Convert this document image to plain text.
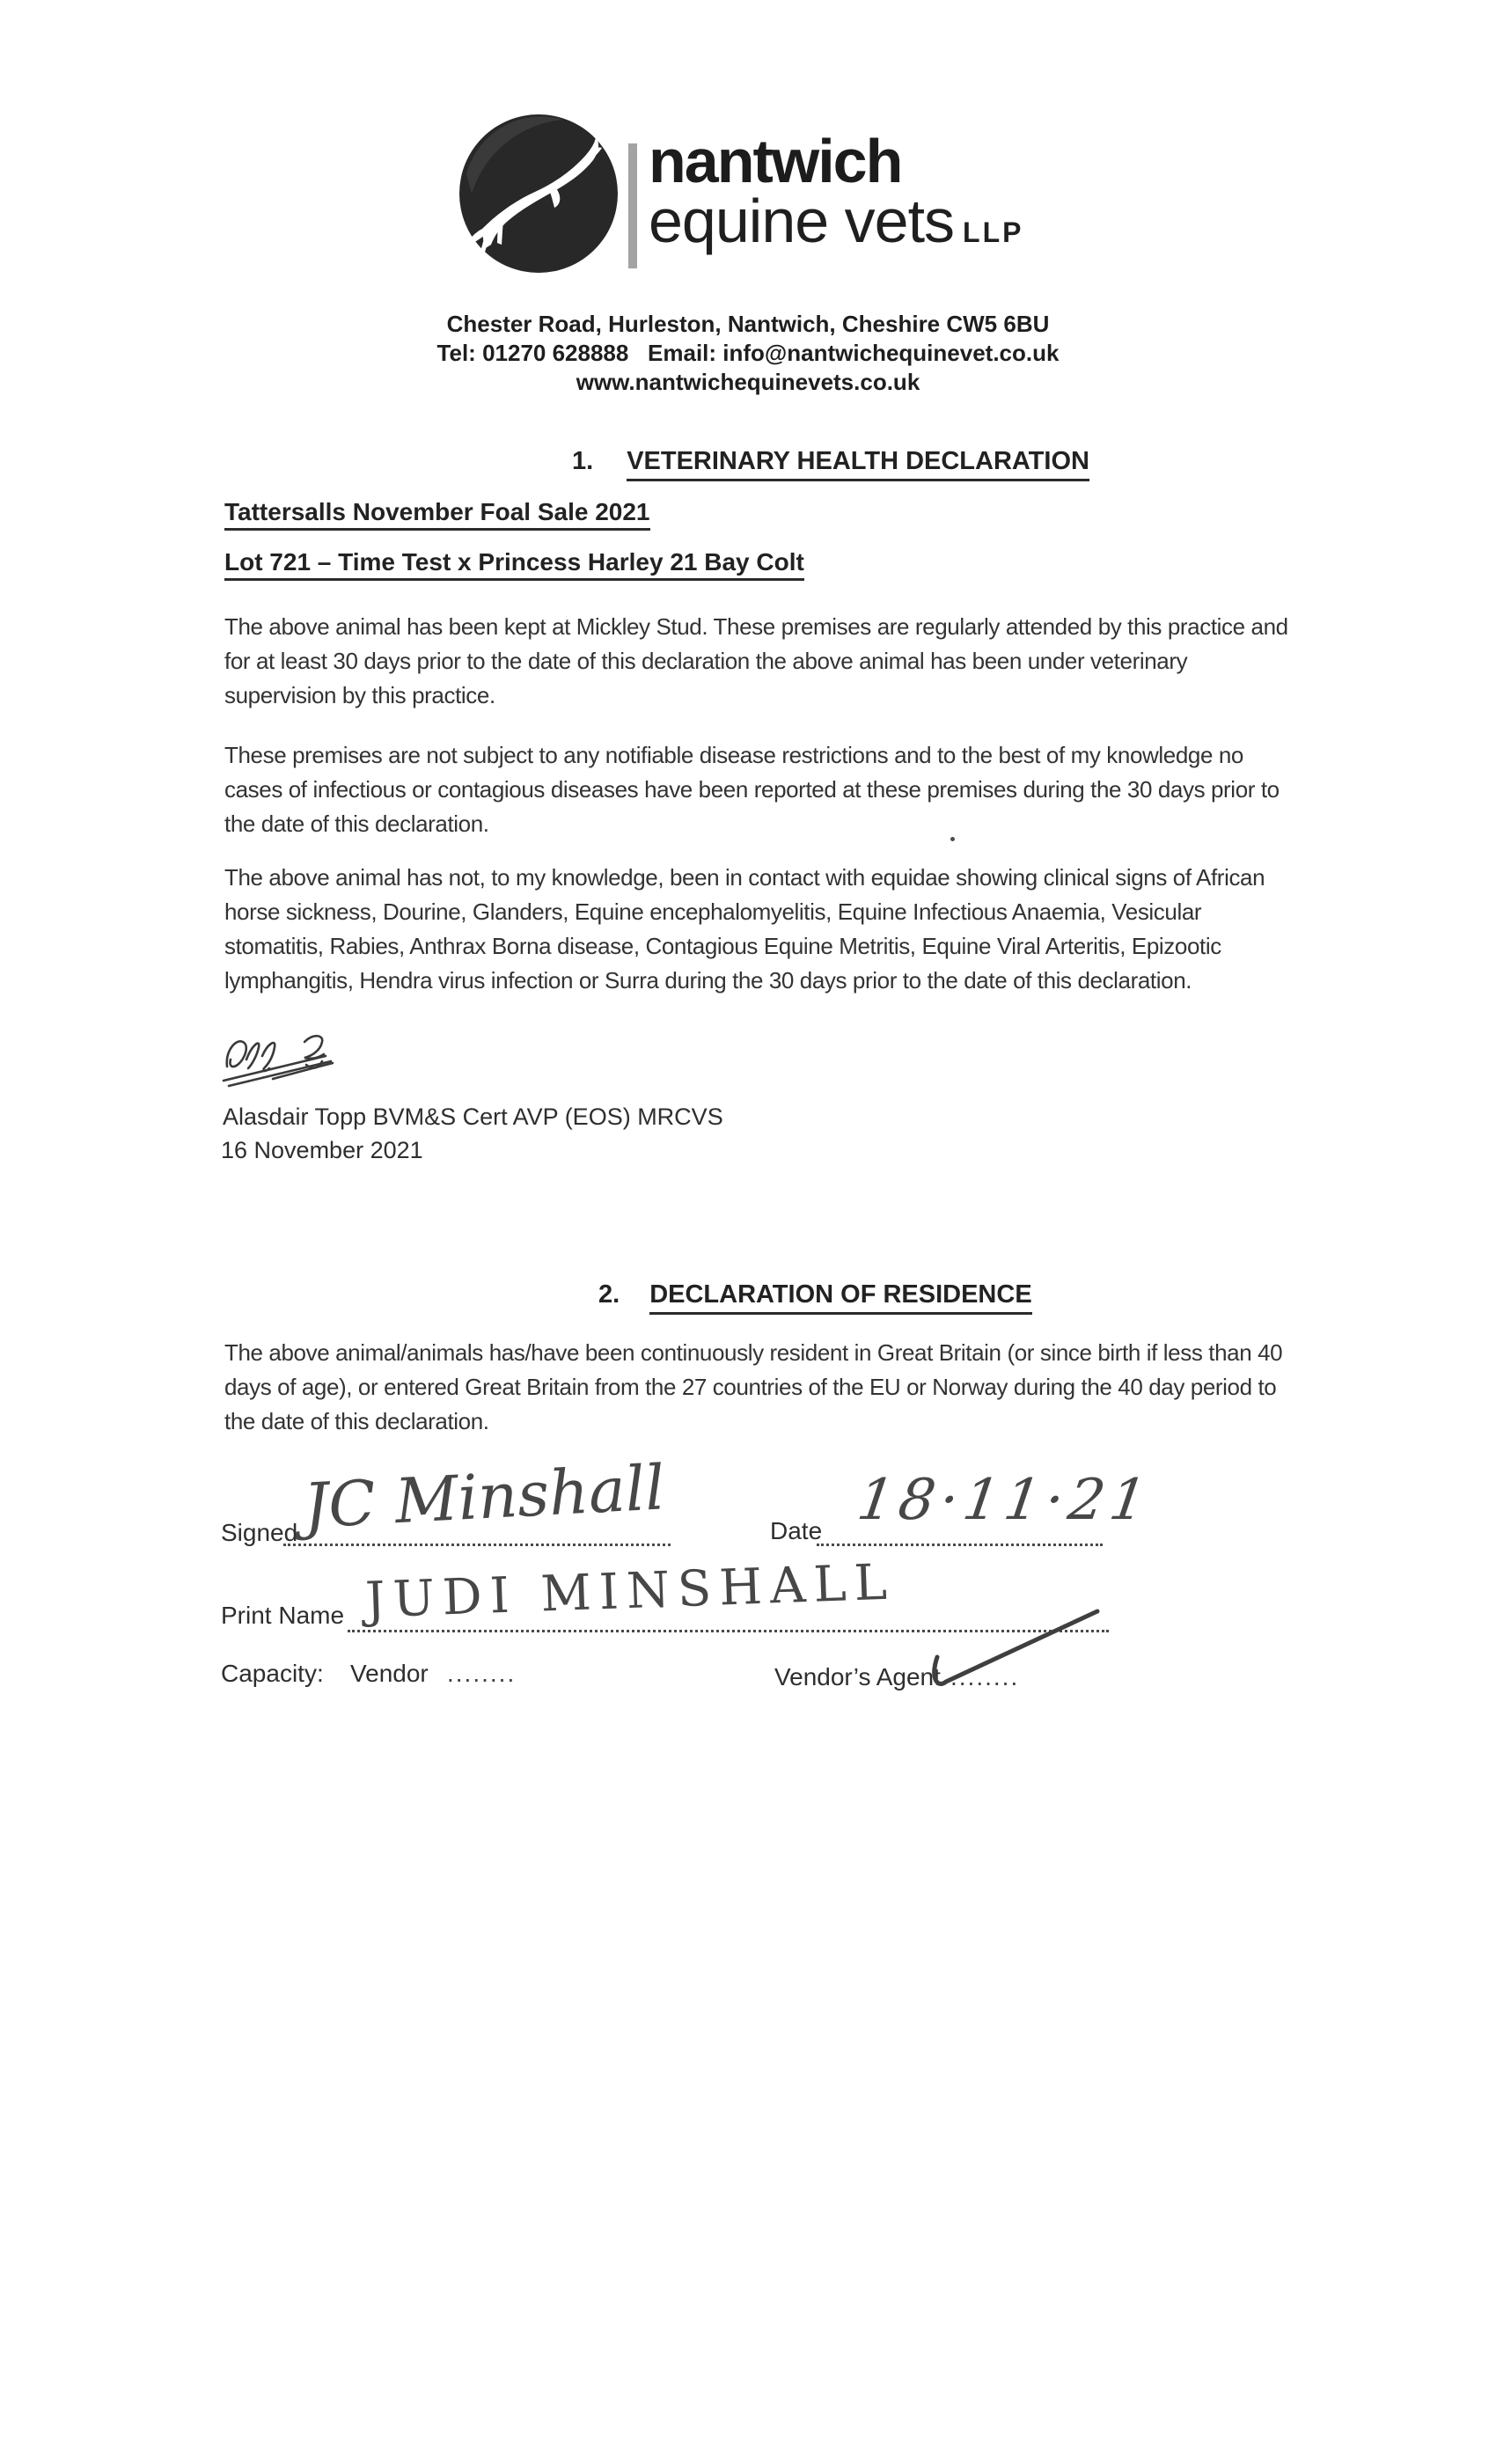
nantwich
equine vets LLP
Chester Road, Hurleston, Nantwich, Cheshire CW5 6BU
Tel: 01270 628888 Email: info@nantwichequinevet.co.uk
www.nantwichequinevets.co.uk
1. VETERINARY HEALTH DECLARATION
Tattersalls November Foal Sale 2021
Lot 721 – Time Test x Princess Harley 21 Bay Colt
The above animal has been kept at Mickley Stud. These premises are regularly attended by this practice and for at least 30 days prior to the date of this declaration the above animal has been under veterinary supervision by this practice.
These premises are not subject to any notifiable disease restrictions and to the best of my knowledge no cases of infectious or contagious diseases have been reported at these premises during the 30 days prior to the date of this declaration.
The above animal has not, to my knowledge, been in contact with equidae showing clinical signs of African horse sickness, Dourine, Glanders, Equine encephalomyelitis, Equine Infectious Anaemia, Vesicular stomatitis, Rabies, Anthrax Borna disease, Contagious Equine Metritis, Equine Viral Arteritis, Epizootic lymphangitis, Hendra virus infection or Surra during the 30 days prior to the date of this declaration.
Alasdair Topp BVM&S Cert AVP (EOS) MRCVS
16 November 2021
2. DECLARATION OF RESIDENCE
The above animal/animals has/have been continuously resident in Great Britain (or since birth if less than 40 days of age), or entered Great Britain from the 27 countries of the EU or Norway during the 40 day period to the date of this declaration.
Signed JC Minshall	Date 18·11·21
Print Name JUDI MINSHALL
Capacity: Vendor ........	Vendor’s Agent ........
